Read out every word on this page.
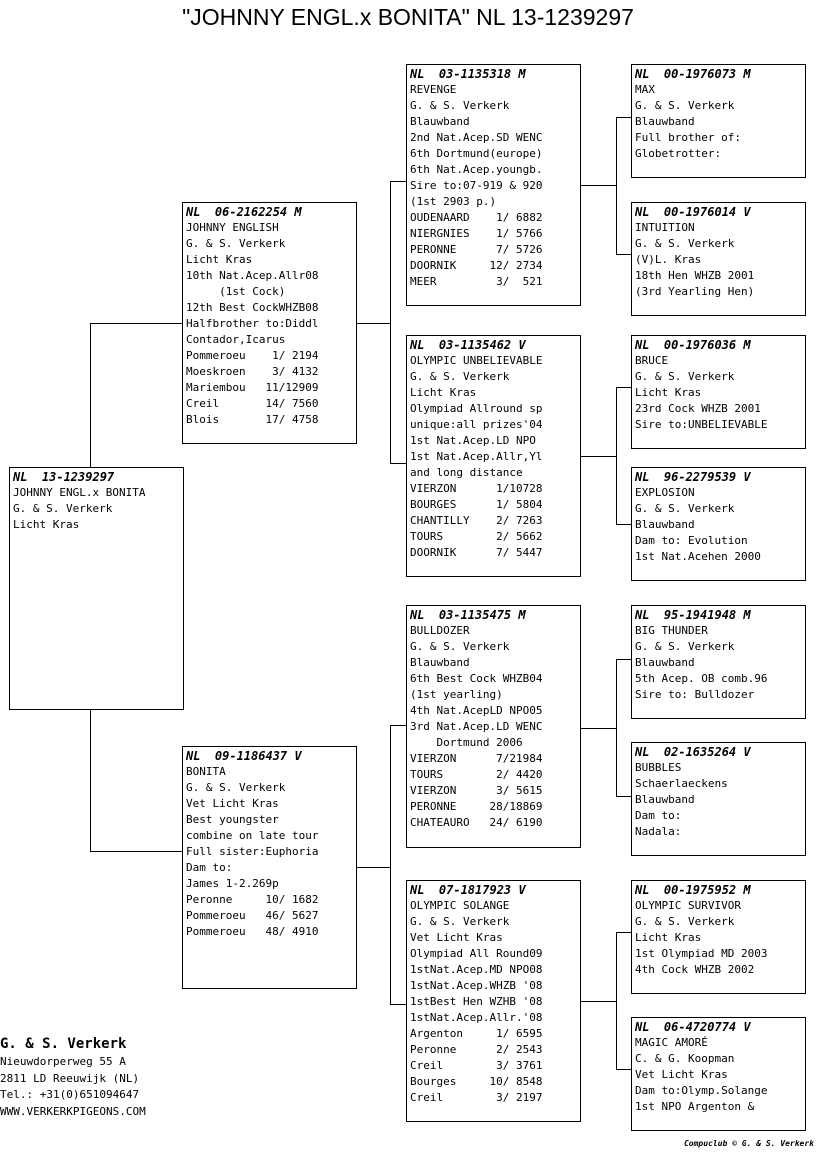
"JOHNNY ENGL.x BONITA" NL 13-1239297
NL  13-1239297
JOHNNY ENGL.x BONITA
G. & S. Verkerk
Licht Kras
NL  06-2162254 M
JOHNNY ENGLISH
G. & S. Verkerk
Licht Kras
10th Nat.Acep.Allr08
(1st Cock)
12th Best CockWHZB08
Halfbrother to:Diddl
Contador,Icarus
Pommeroeu    1/ 2194
Moeskroen    3/ 4132
Mariembou   11/12909
Creil       14/ 7560
Blois       17/ 4758
NL  09-1186437 V
BONITA
G. & S. Verkerk
Vet Licht Kras
Best youngster
combine on late tour
Full sister:Euphoria
Dam to:
James 1-2.269p
Peronne     10/ 1682
Pommeroeu   46/ 5627
Pommeroeu   48/ 4910
NL  03-1135318 M
REVENGE
G. & S. Verkerk
Blauwband
2nd Nat.Acep.SD WENC
6th Dortmund(europe)
6th Nat.Acep.youngb.
Sire to:07-919 & 920
(1st 2903 p.)
OUDENAARD    1/ 6882
NIERGNIES    1/ 5766
PERONNE      7/ 5726
DOORNIK     12/ 2734
MEER         3/  521
NL  03-1135462 V
OLYMPIC UNBELIEVABLE
G. & S. Verkerk
Licht Kras
Olympiad Allround sp
unique:all prizes'04
1st Nat.Acep.LD NPO
1st Nat.Acep.Allr,Yl
and long distance
VIERZON      1/10728
BOURGES      1/ 5804
CHANTILLY    2/ 7263
TOURS        2/ 5662
DOORNIK      7/ 5447
NL  03-1135475 M
BULLDOZER
G. & S. Verkerk
Blauwband
6th Best Cock WHZB04
(1st yearling)
4th Nat.AcepLD NPO05
3rd Nat.Acep.LD WENC
Dortmund 2006
VIERZON      7/21984
TOURS        2/ 4420
VIERZON      3/ 5615
PERONNE     28/18869
CHATEAURO   24/ 6190
NL  07-1817923 V
OLYMPIC SOLANGE
G. & S. Verkerk
Vet Licht Kras
Olympiad All Round09
1stNat.Acep.MD NPO08
1stNat.Acep.WHZB '08
1stBest Hen WZHB '08
1stNat.Acep.Allr.'08
Argenton     1/ 6595
Peronne      2/ 2543
Creil        3/ 3761
Bourges     10/ 8548
Creil        3/ 2197
NL  00-1976073 M
MAX
G. & S. Verkerk
Blauwband
Full brother of:
Globetrotter:
NL  00-1976014 V
INTUITION
G. & S. Verkerk
(V)L. Kras
18th Hen WHZB 2001
(3rd Yearling Hen)
NL  00-1976036 M
BRUCE
G. & S. Verkerk
Licht Kras
23rd Cock WHZB 2001
Sire to:UNBELIEVABLE
NL  96-2279539 V
EXPLOSION
G. & S. Verkerk
Blauwband
Dam to: Evolution
1st Nat.Acehen 2000
NL  95-1941948 M
BIG THUNDER
G. & S. Verkerk
Blauwband
5th Acep. OB comb.96
Sire to: Bulldozer
NL  02-1635264 V
BUBBLES
Schaerlaeckens
Blauwband
Dam to:
Nadala:
NL  00-1975952 M
OLYMPIC SURVIVOR
G. & S. Verkerk
Licht Kras
1st Olympiad MD 2003
4th Cock WHZB 2002
NL  06-4720774 V
MAGIC AMORÉ
C. & G. Koopman
Vet Licht Kras
Dam to:Olymp.Solange
1st NPO Argenton &
G. & S. Verkerk
Nieuwdorperweg 55 A
2811 LD Reeuwijk (NL)
Tel.: +31(0)651094647
WWW.VERKERKPIGEONS.COM
Compuclub © G. & S. Verkerk
